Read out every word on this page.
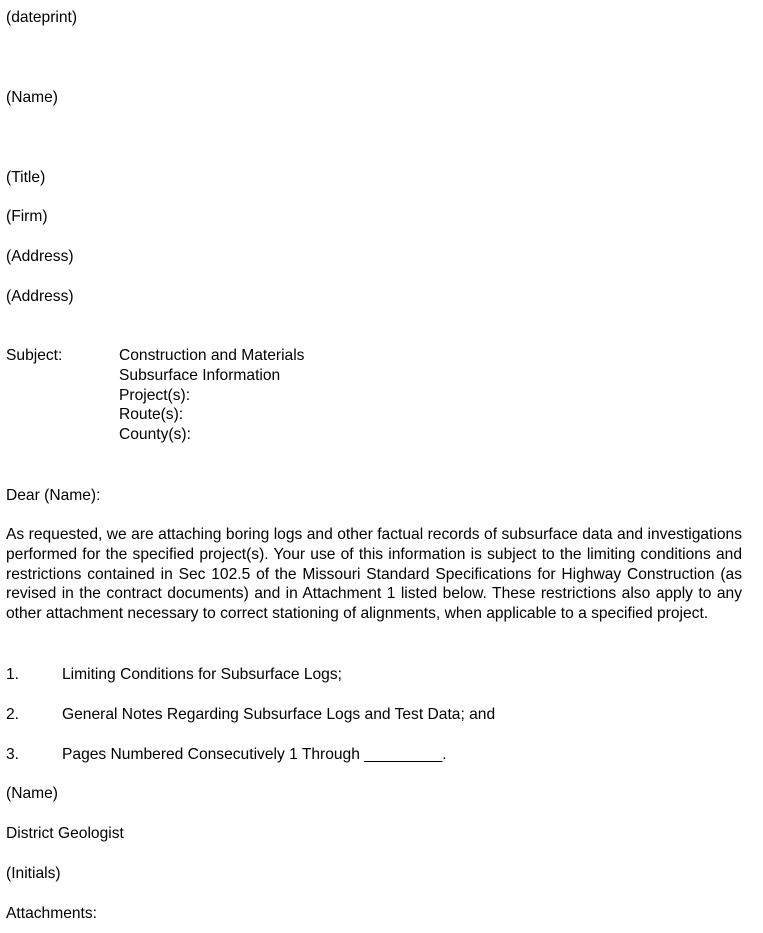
(dateprint)
(Name)
(Title)
(Firm)
(Address)
(Address)
Subject:	Construction and Materials
Subsurface Information
Project(s):
Route(s):
County(s):
Dear (Name):
As requested, we are attaching boring logs and other factual records of subsurface data and investigations performed for the specified project(s). Your use of this information is subject to the limiting conditions and restrictions contained in Sec 102.5 of the Missouri Standard Specifications for Highway Construction (as revised in the contract documents) and in Attachment 1 listed below. These restrictions also apply to any other attachment necessary to correct stationing of alignments, when applicable to a specified project.
1.	Limiting Conditions for Subsurface Logs;
2.	General Notes Regarding Subsurface Logs and Test Data; and
3.	Pages Numbered Consecutively 1 Through _________.
(Name)
District Geologist
(Initials)
Attachments:
